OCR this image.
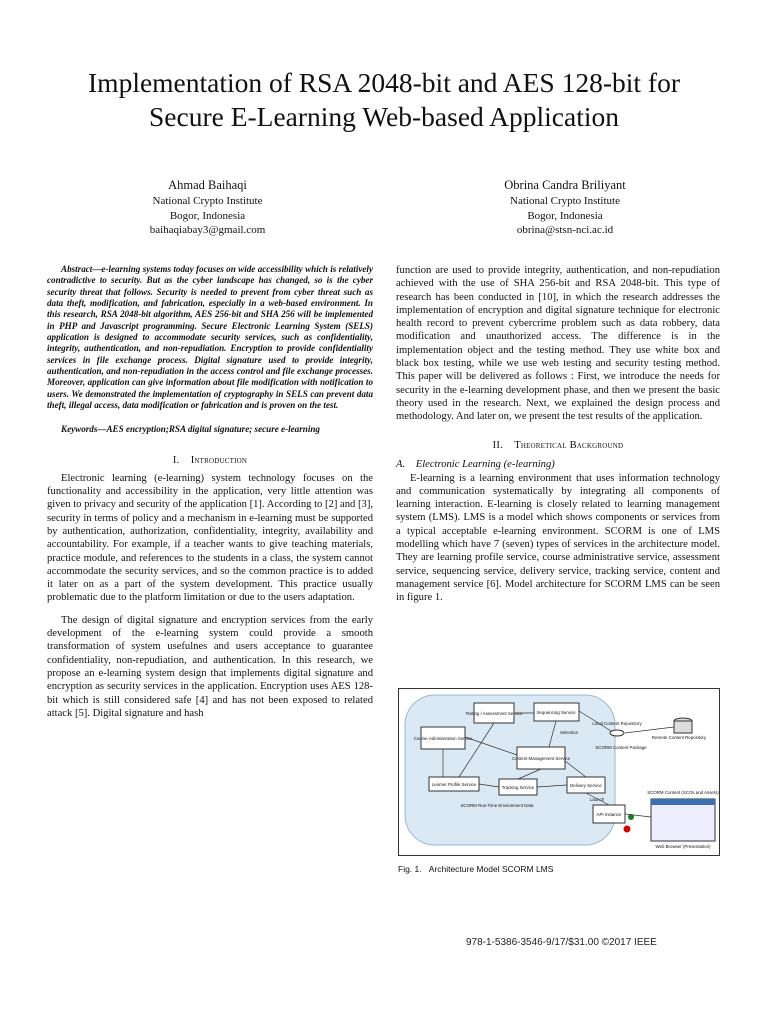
Implementation of RSA 2048-bit and AES 128-bit for
Secure E-Learning Web-based Application
Ahmad Baihaqi
National Crypto Institute
Bogor, Indonesia
baihaqiabay3@gmail.com
Obrina Candra Briliyant
National Crypto Institute
Bogor, Indonesia
obrina@stsn-nci.ac.id

Abstract—e-learning systems today focuses on wide accessibility which is relatively contradictive to security. But as the cyber landscape has changed, so is the cyber security threat that follows. Security is needed to prevent from cyber threat such as data theft, modification, and fabrication, especially in a web-based environment. In this research, RSA 2048-bit algorithm, AES 256-bit and SHA 256 will be implemented in PHP and Javascript programming. Secure Electronic Learning System (SELS) application is designed to accommodate security services, such as confidentiality, integrity, authentication, and non-repudiation. Encryption to provide confidentiality services in file exchange process. Digital signature used to provide integrity, authentication, and non-repudiation in the access control and file exchange processes. Moreover, application can give information about file modification with notification to users. We demonstrated the implementation of cryptography in SELS can prevent data theft, illegal access, data modification or fabrication and is proven on the test.

Keywords—AES encryption;RSA digital signature; secure e-learning

I. Introduction

Electronic learning (e-learning) system technology focuses on the functionality and accessibility in the application, very little attention was given to privacy and security of the application [1]. According to [2] and [3], security in terms of policy and a mechanism in e-learning must be supported by authentication, authorization, confidentiality, integrity, availability and accountability. For example, if a teacher wants to give teaching materials, practice module, and references to the students in a class, the system cannot accommodate the security services, and so the common practice is to added it later on as a part of the system development. This practice usually problematic due to the platform limitation or due to the users adaptation.

The design of digital signature and encryption services from the early development of the e-learning system could provide a smooth transformation of system usefulnes and users acceptance to guarantee confidentiality, non-repudiation, and authentication. In this research, we propose an e-learning system design that implements digital signature and encryption as security services in the application. Encryption uses AES 128-bit which is still considered safe [4] and has not been exposed to related attack [5]. Digital signature and hash

function are used to provide integrity, authentication, and non-repudiation achieved with the use of SHA 256-bit and RSA 2048-bit. This type of research has been conducted in [10], in which the research addresses the implementation of encryption and digital signature technique for electronic health record to prevent cybercrime problem such as data robbery, data modification and unauthorized access. The difference is in the implementation object and the testing method. They use white box and black box testing, while we use web testing and security testing method. This paper will be delivered as follows : First, we introduce the needs for security in the e-learning development phase, and then we present the basic theory used in the research. Next, we explained the design process and methodology. And later on, we present the test results of the application.

II. Theoretical Background
A. Electronic Learning (e-learning)

E-learning is a learning environment that uses information technology and communication systematically by integrating all components of learning interaction. E-learning is closely related to learning management system (LMS). LMS is a model which shows components or services from a typical acceptable e-learning environment. SCORM is one of LMS modelling which have 7 (seven) types of services in the architecture model. They are learning profile service, course administrative service, assessment service, sequencing service, delivery service, tracking service, content and management service [6]. Model architecture for SCORM LMS can be seen in figure 1.

Testing / Assessment Service	Sequencing Service
Course Administration Service
Content Management Service
Learner Profile Service
Tracking Service	Delivery Service
API Instance
SCORM Run-Time Environment Data
Selection
Launch
Local Content Repository
SCORM Content Package
Remote Content Repository
SCORM Content (SCOs and Assets)
Web Browser (Presentation)
Fig. 1. Architecture Model SCORM LMS
978-1-5386-3546-9/17/$31.00 ©2017 IEEE
